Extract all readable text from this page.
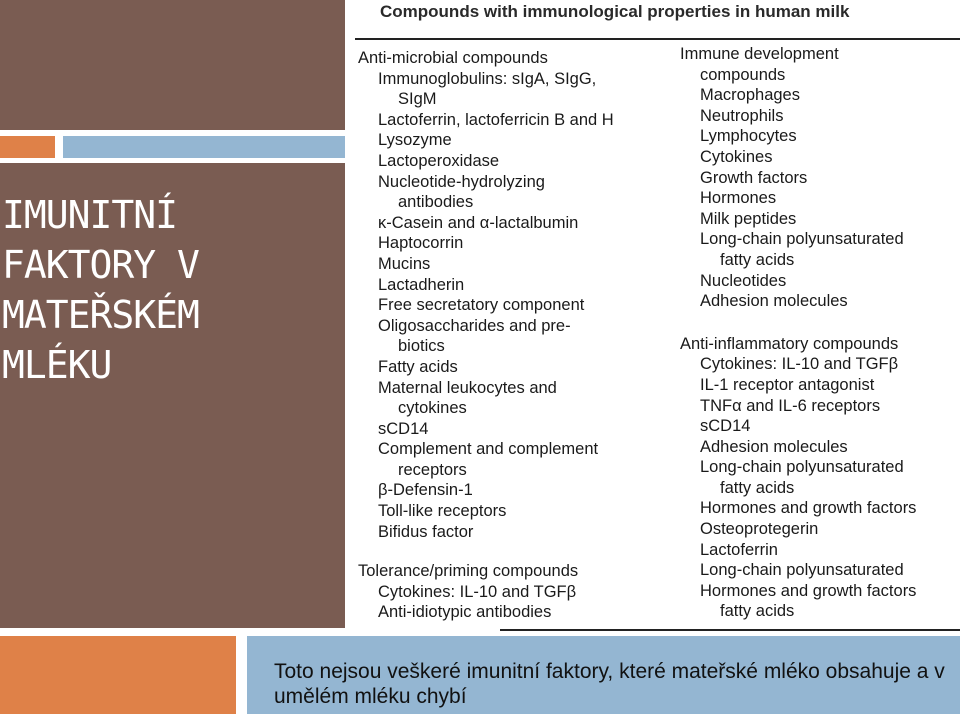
IMUNITNÍ
FAKTORY V
MATEŘSKÉM
MLÉKU
Compounds with immunological properties in human milk
Anti-microbial compounds
Immunoglobulins: sIgA, SIgG,
SIgM
Lactoferrin, lactoferricin B and H
Lysozyme
Lactoperoxidase
Nucleotide-hydrolyzing
antibodies
κ-Casein and α-lactalbumin
Haptocorrin
Mucins
Lactadherin
Free secretatory component
Oligosaccharides and pre-
biotics
Fatty acids
Maternal leukocytes and
cytokines
sCD14
Complement and complement
receptors
β-Defensin-1
Toll-like receptors
Bifidus factor
Tolerance/priming compounds
Cytokines: IL-10 and TGFβ
Anti-idiotypic antibodies
Immune development
compounds
Macrophages
Neutrophils
Lymphocytes
Cytokines
Growth factors
Hormones
Milk peptides
Long-chain polyunsaturated
fatty acids
Nucleotides
Adhesion molecules
Anti-inflammatory compounds
Cytokines: IL-10 and TGFβ
IL-1 receptor antagonist
TNFα and IL-6 receptors
sCD14
Adhesion molecules
Long-chain polyunsaturated
fatty acids
Hormones and growth factors
Osteoprotegerin
Lactoferrin
Long-chain polyunsaturated
Hormones and growth factors
fatty acids
Toto nejsou veškeré imunitní faktory, které mateřské mléko obsahuje a v umělém mléku chybí
